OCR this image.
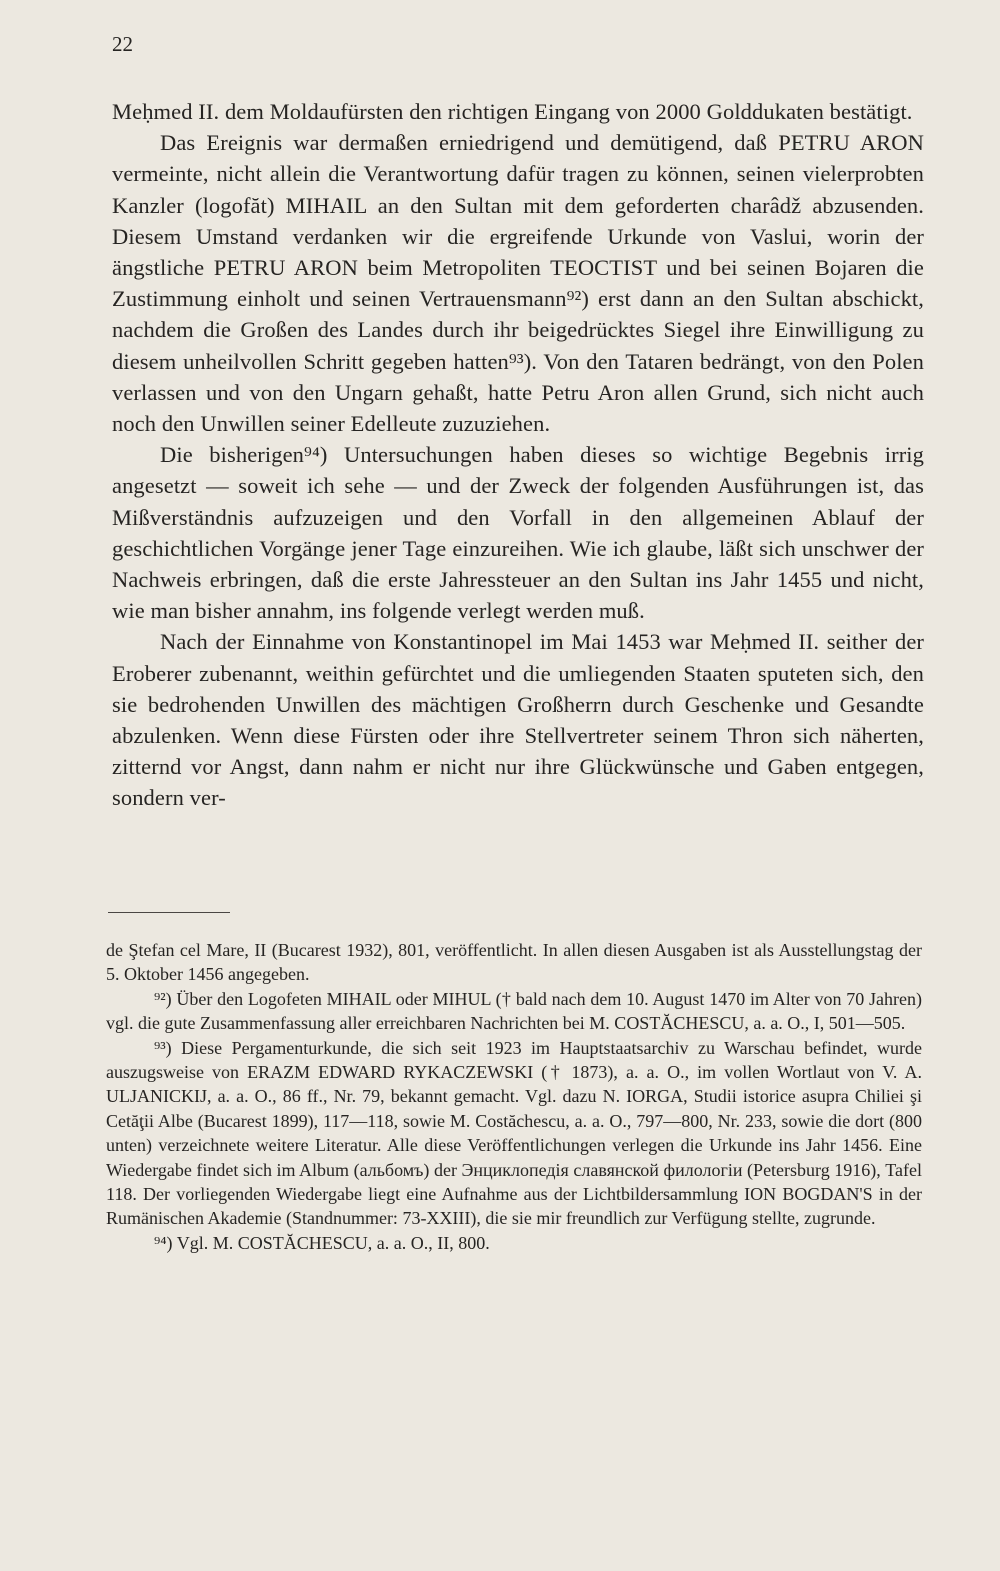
22

Meḥmed II. dem Moldaufürsten den richtigen Eingang von 2000 Golddukaten bestätigt.

Das Ereignis war dermaßen erniedrigend und demütigend, daß PETRU ARON vermeinte, nicht allein die Verantwortung dafür tragen zu können, seinen vielerprobten Kanzler (logofăt) MIHAIL an den Sultan mit dem geforderten charâdž abzusenden. Diesem Umstand verdanken wir die ergreifende Urkunde von Vaslui, worin der ängstliche PETRU ARON beim Metropoliten TEOCTIST und bei seinen Bojaren die Zustimmung einholt und seinen Vertrauensmann⁹²) erst dann an den Sultan abschickt, nachdem die Großen des Landes durch ihr beigedrücktes Siegel ihre Einwilligung zu diesem unheilvollen Schritt gegeben hatten⁹³). Von den Tataren bedrängt, von den Polen verlassen und von den Ungarn gehaßt, hatte Petru Aron allen Grund, sich nicht auch noch den Unwillen seiner Edelleute zuzuziehen.

Die bisherigen⁹⁴) Untersuchungen haben dieses so wichtige Begebnis irrig angesetzt — soweit ich sehe — und der Zweck der folgenden Ausführungen ist, das Mißverständnis aufzuzeigen und den Vorfall in den allgemeinen Ablauf der geschichtlichen Vorgänge jener Tage einzureihen. Wie ich glaube, läßt sich unschwer der Nachweis erbringen, daß die erste Jahressteuer an den Sultan ins Jahr 1455 und nicht, wie man bisher annahm, ins folgende verlegt werden muß.

Nach der Einnahme von Konstantinopel im Mai 1453 war Meḥmed II. seither der Eroberer zubenannt, weithin gefürchtet und die umliegenden Staaten sputeten sich, den sie bedrohenden Unwillen des mächtigen Großherrn durch Geschenke und Gesandte abzulenken. Wenn diese Fürsten oder ihre Stellvertreter seinem Thron sich näherten, zitternd vor Angst, dann nahm er nicht nur ihre Glückwünsche und Gaben entgegen, sondern ver-

de Ştefan cel Mare, II (Bucarest 1932), 801, veröffentlicht. In allen diesen Ausgaben ist als Ausstellungstag der 5. Oktober 1456 angegeben.

⁹²) Über den Logofeten MIHAIL oder MIHUL († bald nach dem 10. August 1470 im Alter von 70 Jahren) vgl. die gute Zusammenfassung aller erreichbaren Nachrichten bei M. COSTĂCHESCU, a. a. O., I, 501—505.

⁹³) Diese Pergamenturkunde, die sich seit 1923 im Hauptstaatsarchiv zu Warschau befindet, wurde auszugsweise von ERAZM EDWARD RYKACZEWSKI († 1873), a. a. O., im vollen Wortlaut von V. A. ULJANICKIJ, a. a. O., 86 ff., Nr. 79, bekannt gemacht. Vgl. dazu N. IORGA, Studii istorice asupra Chiliei şi Cetăţii Albe (Bucarest 1899), 117—118, sowie M. Costăchescu, a. a. O., 797—800, Nr. 233, sowie die dort (800 unten) verzeichnete weitere Literatur. Alle diese Veröffentlichungen verlegen die Urkunde ins Jahr 1456. Eine Wiedergabe findet sich im Album (альбомъ) der Энциклопедія славянской филологіи (Petersburg 1916), Tafel 118. Der vorliegenden Wiedergabe liegt eine Aufnahme aus der Lichtbildersammlung ION BOGDAN'S in der Rumänischen Akademie (Standnummer: 73-XXIII), die sie mir freundlich zur Verfügung stellte, zugrunde.

⁹⁴) Vgl. M. COSTĂCHESCU, a. a. O., II, 800.
